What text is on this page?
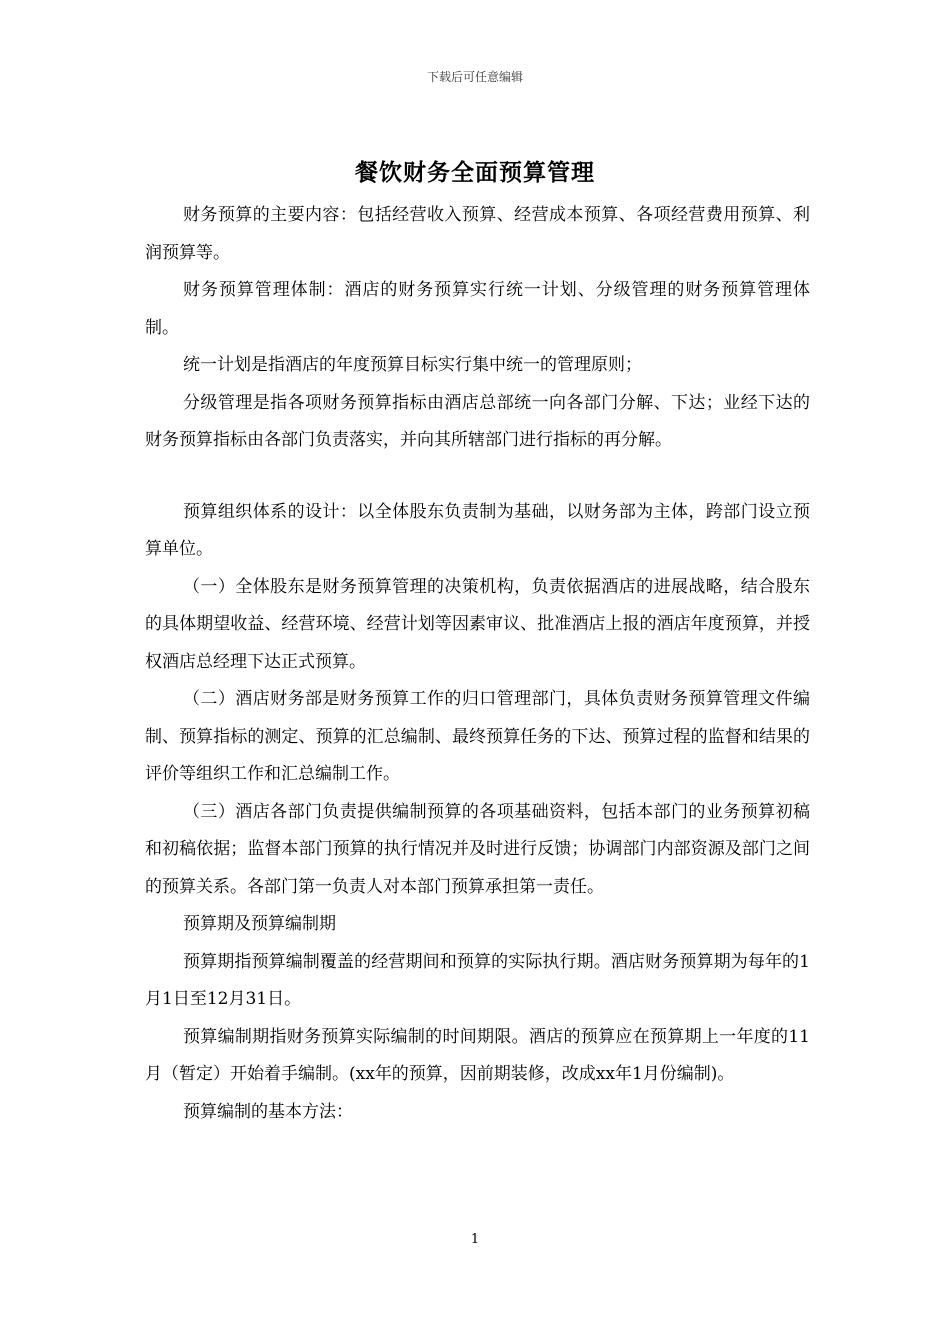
下载后可任意编辑
餐饮财务全面预算管理

财务预算的主要内容：包括经营收入预算、经营成本预算、各项经营费用预算、利润预算等。

财务预算管理体制：酒店的财务预算实行统一计划、分级管理的财务预算管理体制。

统一计划是指酒店的年度预算目标实行集中统一的管理原则；

分级管理是指各项财务预算指标由酒店总部统一向各部门分解、下达；业经下达的财务预算指标由各部门负责落实，并向其所辖部门进行指标的再分解。

预算组织体系的设计：以全体股东负责制为基础，以财务部为主体，跨部门设立预算单位。

（一）全体股东是财务预算管理的决策机构，负责依据酒店的进展战略，结合股东的具体期望收益、经营环境、经营计划等因素审议、批准酒店上报的酒店年度预算，并授权酒店总经理下达正式预算。

（二）酒店财务部是财务预算工作的归口管理部门，具体负责财务预算管理文件编制、预算指标的测定、预算的汇总编制、最终预算任务的下达、预算过程的监督和结果的评价等组织工作和汇总编制工作。

（三）酒店各部门负责提供编制预算的各项基础资料，包括本部门的业务预算初稿和初稿依据；监督本部门预算的执行情况并及时进行反馈；协调部门内部资源及部门之间的预算关系。各部门第一负责人对本部门预算承担第一责任。

预算期及预算编制期

预算期指预算编制覆盖的经营期间和预算的实际执行期。酒店财务预算期为每年的1月1日至12月31日。

预算编制期指财务预算实际编制的时间期限。酒店的预算应在预算期上一年度的11月（暂定）开始着手编制。(xx年的预算，因前期装修，改成xx年1月份编制)。

预算编制的基本方法：

1
